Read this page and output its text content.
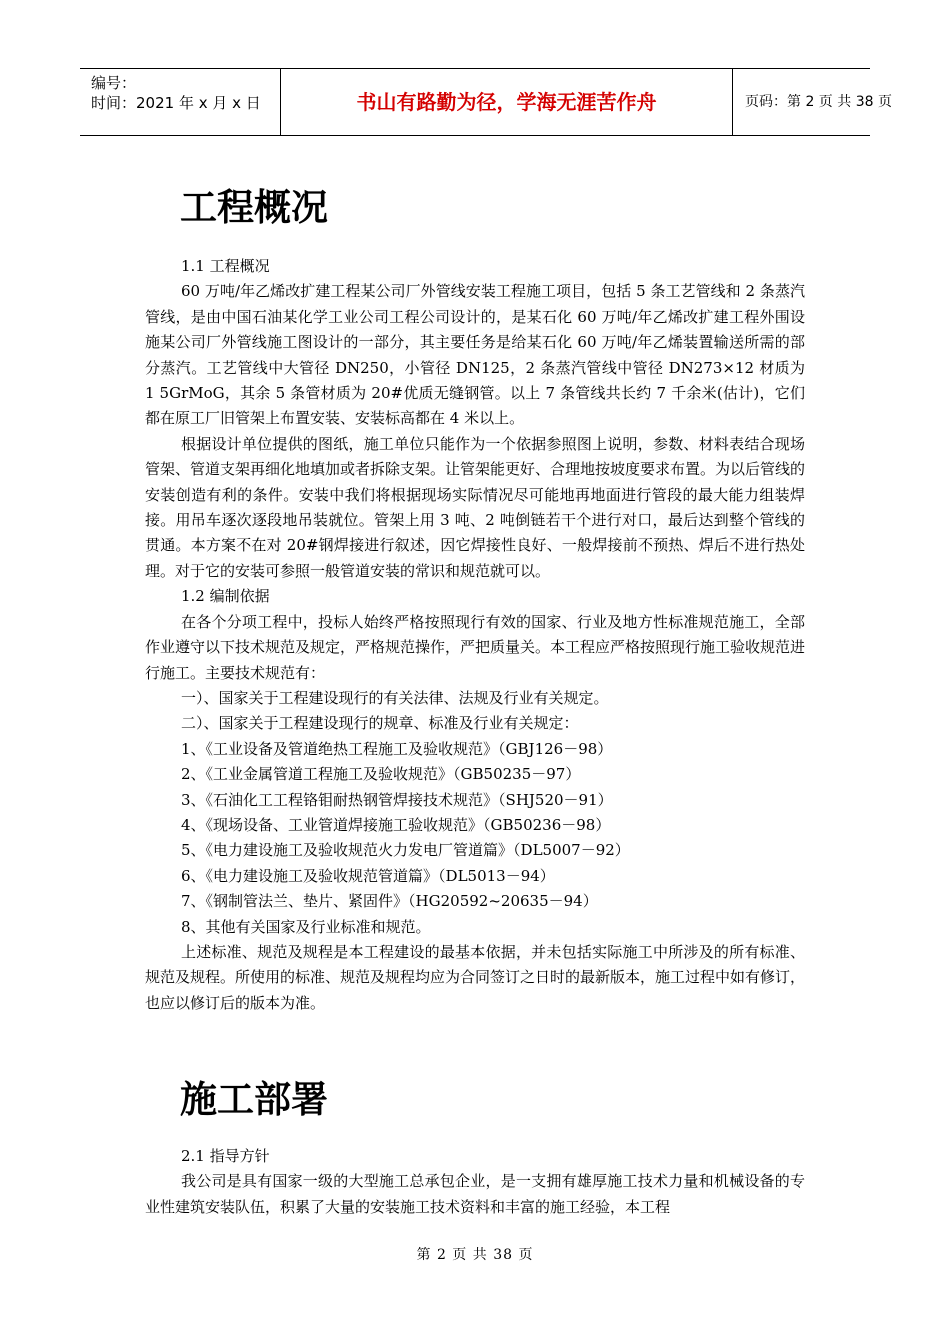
编号：
时间：2021 年 x 月 x 日	书山有路勤为径，学海无涯苦作舟	页码：第 2 页 共 38 页
工程概况

1.1 工程概况

60 万吨/年乙烯改扩建工程某公司厂外管线安装工程施工项目，包括 5 条工艺管线和 2 条蒸汽管线，是由中国石油某化学工业公司工程公司设计的，是某石化 60 万吨/年乙烯改扩建工程外围设施某公司厂外管线施工图设计的一部分，其主要任务是给某石化 60 万吨/年乙烯装置输送所需的部分蒸汽。工艺管线中大管径 DN250，小管径 DN125，2 条蒸汽管线中管径 DN273×12 材质为 1 5GrMoG，其余 5 条管材质为 20#优质无缝钢管。以上 7 条管线共长约 7 千余米(估计)，它们都在原工厂旧管架上布置安装、安装标高都在 4 米以上。

根据设计单位提供的图纸，施工单位只能作为一个依据参照图上说明，参数、材料表结合现场管架、管道支架再细化地填加或者拆除支架。让管架能更好、合理地按坡度要求布置。为以后管线的安装创造有利的条件。安装中我们将根据现场实际情况尽可能地再地面进行管段的最大能力组装焊接。用吊车逐次逐段地吊装就位。管架上用 3 吨、2 吨倒链若干个进行对口，最后达到整个管线的贯通。本方案不在对 20#钢焊接进行叙述，因它焊接性良好、一般焊接前不预热、焊后不进行热处理。对于它的安装可参照一般管道安装的常识和规范就可以。

1.2 编制依据

在各个分项工程中，投标人始终严格按照现行有效的国家、行业及地方性标准规范施工，全部作业遵守以下技术规范及规定，严格规范操作，严把质量关。本工程应严格按照现行施工验收规范进行施工。主要技术规范有：

一）、国家关于工程建设现行的有关法律、法规及行业有关规定。

二）、国家关于工程建设现行的规章、标准及行业有关规定：

1、《工业设备及管道绝热工程施工及验收规范》（GBJ126－98）

2、《工业金属管道工程施工及验收规范》（GB50235－97）

3、《石油化工工程铬钼耐热钢管焊接技术规范》（SHJ520－91）

4、《现场设备、工业管道焊接施工验收规范》（GB50236－98）

5、《电力建设施工及验收规范火力发电厂管道篇》（DL5007－92）

6、《电力建设施工及验收规范管道篇》（DL5013－94）

7、《钢制管法兰、垫片、紧固件》（HG20592~20635－94）

8、其他有关国家及行业标准和规范。

上述标准、规范及规程是本工程建设的最基本依据，并未包括实际施工中所涉及的所有标准、规范及规程。所使用的标准、规范及规程均应为合同签订之日时的最新版本，施工过程中如有修订，也应以修订后的版本为准。

施工部署

2.1 指导方针

我公司是具有国家一级的大型施工总承包企业，是一支拥有雄厚施工技术力量和机械设备的专业性建筑安装队伍，积累了大量的安装施工技术资料和丰富的施工经验，本工程

第 2 页 共 38 页
